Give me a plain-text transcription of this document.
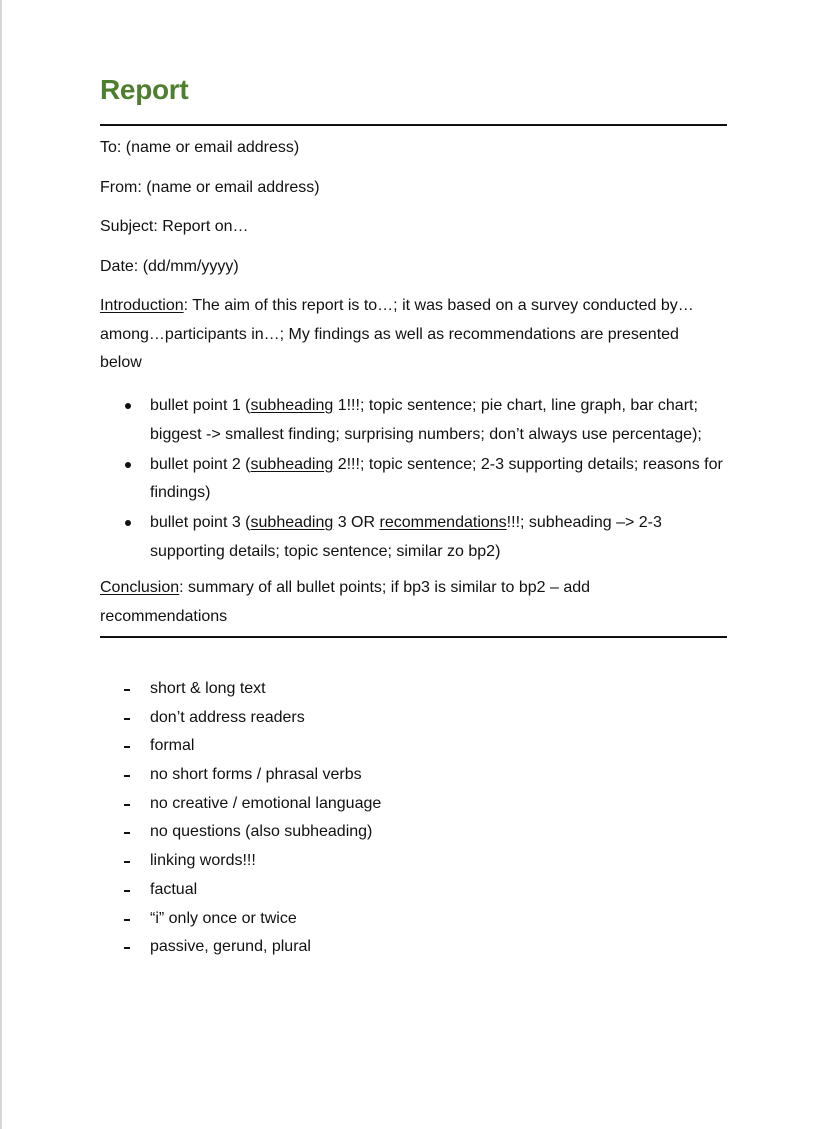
Report

To: (name or email address)

From: (name or email address)

Subject: Report on…

Date: (dd/mm/yyyy)

Introduction: The aim of this report is to…; it was based on a survey conducted by…among…participants in…; My findings as well as recommendations are presented below

bullet point 1 (subheading 1!!!; topic sentence; pie chart, line graph, bar chart; biggest -> smallest finding; surprising numbers; don’t always use percentage);
bullet point 2 (subheading 2!!!; topic sentence; 2-3 supporting details; reasons for findings)
bullet point 3 (subheading 3 OR recommendations!!!; subheading –> 2-3 supporting details; topic sentence; similar zo bp2)

Conclusion: summary of all bullet points; if bp3 is similar to bp2 – add recommendations

short & long text
don’t address readers
formal
no short forms / phrasal verbs
no creative / emotional language
no questions (also subheading)
linking words!!!
factual
“i” only once or twice
passive, gerund, plural
